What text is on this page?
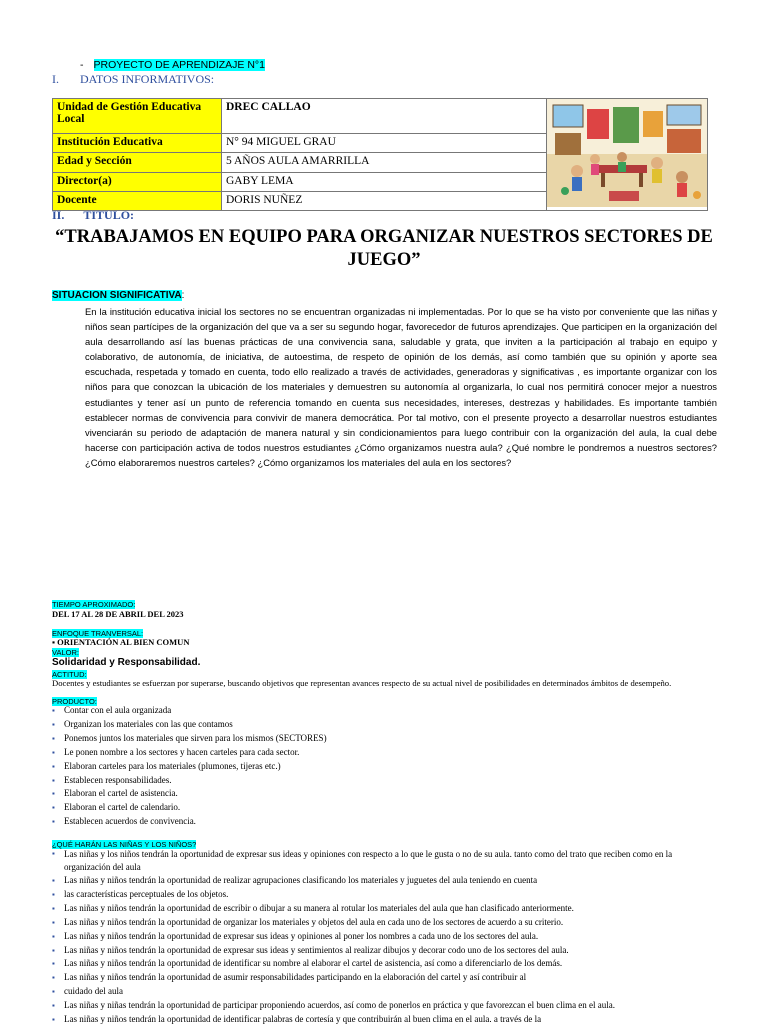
- PROYECTO DE APRENDIZAJE N°1
I. DATOS INFORMATIVOS:
Unidad de Gestión Educativa Local	DREC CALLAO	
Institución Educativa	N° 94 MIGUEL GRAU	
Edad y Sección	5 AÑOS AULA AMARRILLA	
Director(a)	GABY LEMA	
Docente	DORIS NUÑEZ	
II. TITULO:
“TRABAJAMOS EN EQUIPO PARA ORGANIZAR NUESTROS SECTORES DE JUEGO”
SITUACION SIGNIFICATIVA:
En la institución educativa inicial los sectores no se encuentran organizadas ni implementadas. Por lo que se ha visto por conveniente que las niñas y niños sean partícipes de la organización del que va a ser su segundo hogar, favorecedor de futuros aprendizajes. Que participen en la organización del aula desarrollando así las buenas prácticas de una convivencia sana, saludable y grata, que inviten a la participación al trabajo en equipo y colaborativo, de autonomía, de iniciativa, de autoestima, de respeto de opinión de los demás, así como también que su opinión y aporte sea escuchada, respetada y tomado en cuenta, todo ello realizado a través de actividades, generadoras y significativas , es importante organizar con los niños para que conozcan la ubicación de los materiales y demuestren su autonomía al organizarla, lo cual nos permitirá conocer mejor a nuestros estudiantes y tener así un punto de referencia tomando en cuenta sus necesidades, intereses, destrezas y habilidades. Es importante también establecer normas de convivencia para convivir de manera democrática. Por tal motivo, con el presente proyecto a desarrollar nuestros estudiantes vivenciarán su periodo de adaptación de manera natural y sin condicionamientos para luego contribuir con la organización del aula, la cual debe hacerse con participación activa de todos nuestros estudiantes ¿Cómo organizamos nuestra aula? ¿Qué nombre le pondremos a nuestros sectores? ¿Cómo elaboraremos nuestros carteles? ¿Cómo organizamos los materiales del aula en los sectores?
TIEMPO APROXIMADO:
DEL 17 AL 28 DE ABRIL DEL 2023
ENFOQUE TRANVERSAL:
▪ ORIENTACIÓN AL BIEN COMUN
VALOR:
Solidaridad y Responsabilidad.
ACTITUD:
Docentes y estudiantes se esfuerzan por superarse, buscando objetivos que representan avances respecto de su actual nivel de posibilidades en determinados ámbitos de desempeño.
PRODUCTO:
▪ Contar con el aula organizada
▪ Organizan los materiales con las que contamos
▪ Ponemos juntos los materiales que sirven para los mismos (SECTORES)
▪ Le ponen nombre a los sectores y hacen carteles para cada sector.
▪ Elaboran carteles para los materiales (plumones, tijeras etc.)
▪ Establecen responsabilidades.
▪ Elaboran el cartel de asistencia.
▪ Elaboran el cartel de calendario.
▪ Establecen acuerdos de convivencia.
¿QUÉ HARÁN LAS NIÑAS Y LOS NIÑOS?
▪ Las niñas y los niños tendrán la oportunidad de expresar sus ideas y opiniones con respecto a lo que le gusta o no de su aula. tanto como del trato que reciben como en la organización del aula
▪ Las niñas y niños tendrán la oportunidad de realizar agrupaciones clasificando los materiales y juguetes del aula teniendo en cuenta
▪ las características perceptuales de los objetos.
▪ Las niñas y niños tendrán la oportunidad de escribir o dibujar a su manera al rotular los materiales del aula que han clasificado anteriormente.
▪ Las niñas y niños tendrán la oportunidad de organizar los materiales y objetos del aula en cada uno de los sectores de acuerdo a su criterio.
▪ Las niñas y niños tendrán la oportunidad de expresar sus ideas y opiniones al poner los nombres a cada uno de los sectores del aula.
▪ Las niñas y niños tendrán la oportunidad de expresar sus ideas y sentimientos al realizar dibujos y decorar codo uno de los sectores del aula.
▪ Las niñas y niños tendrán la oportunidad de identificar su nombre al elaborar el cartel de asistencia, así como a diferenciarlo de los demás.
▪ Las niñas y niños tendrán la oportunidad de asumir responsabilidades participando en la elaboración del cartel y así contribuir al
▪ cuidado del aula
▪ Las niñas y niñas tendrán la oportunidad de participar proponiendo acuerdos, así como de ponerlos en práctica y que favorezcan el buen clima en el aula.
▪ Las niñas y niños tendrán la oportunidad de identificar palabras de cortesía y que contribuirán al buen clima en el aula. a través de la
